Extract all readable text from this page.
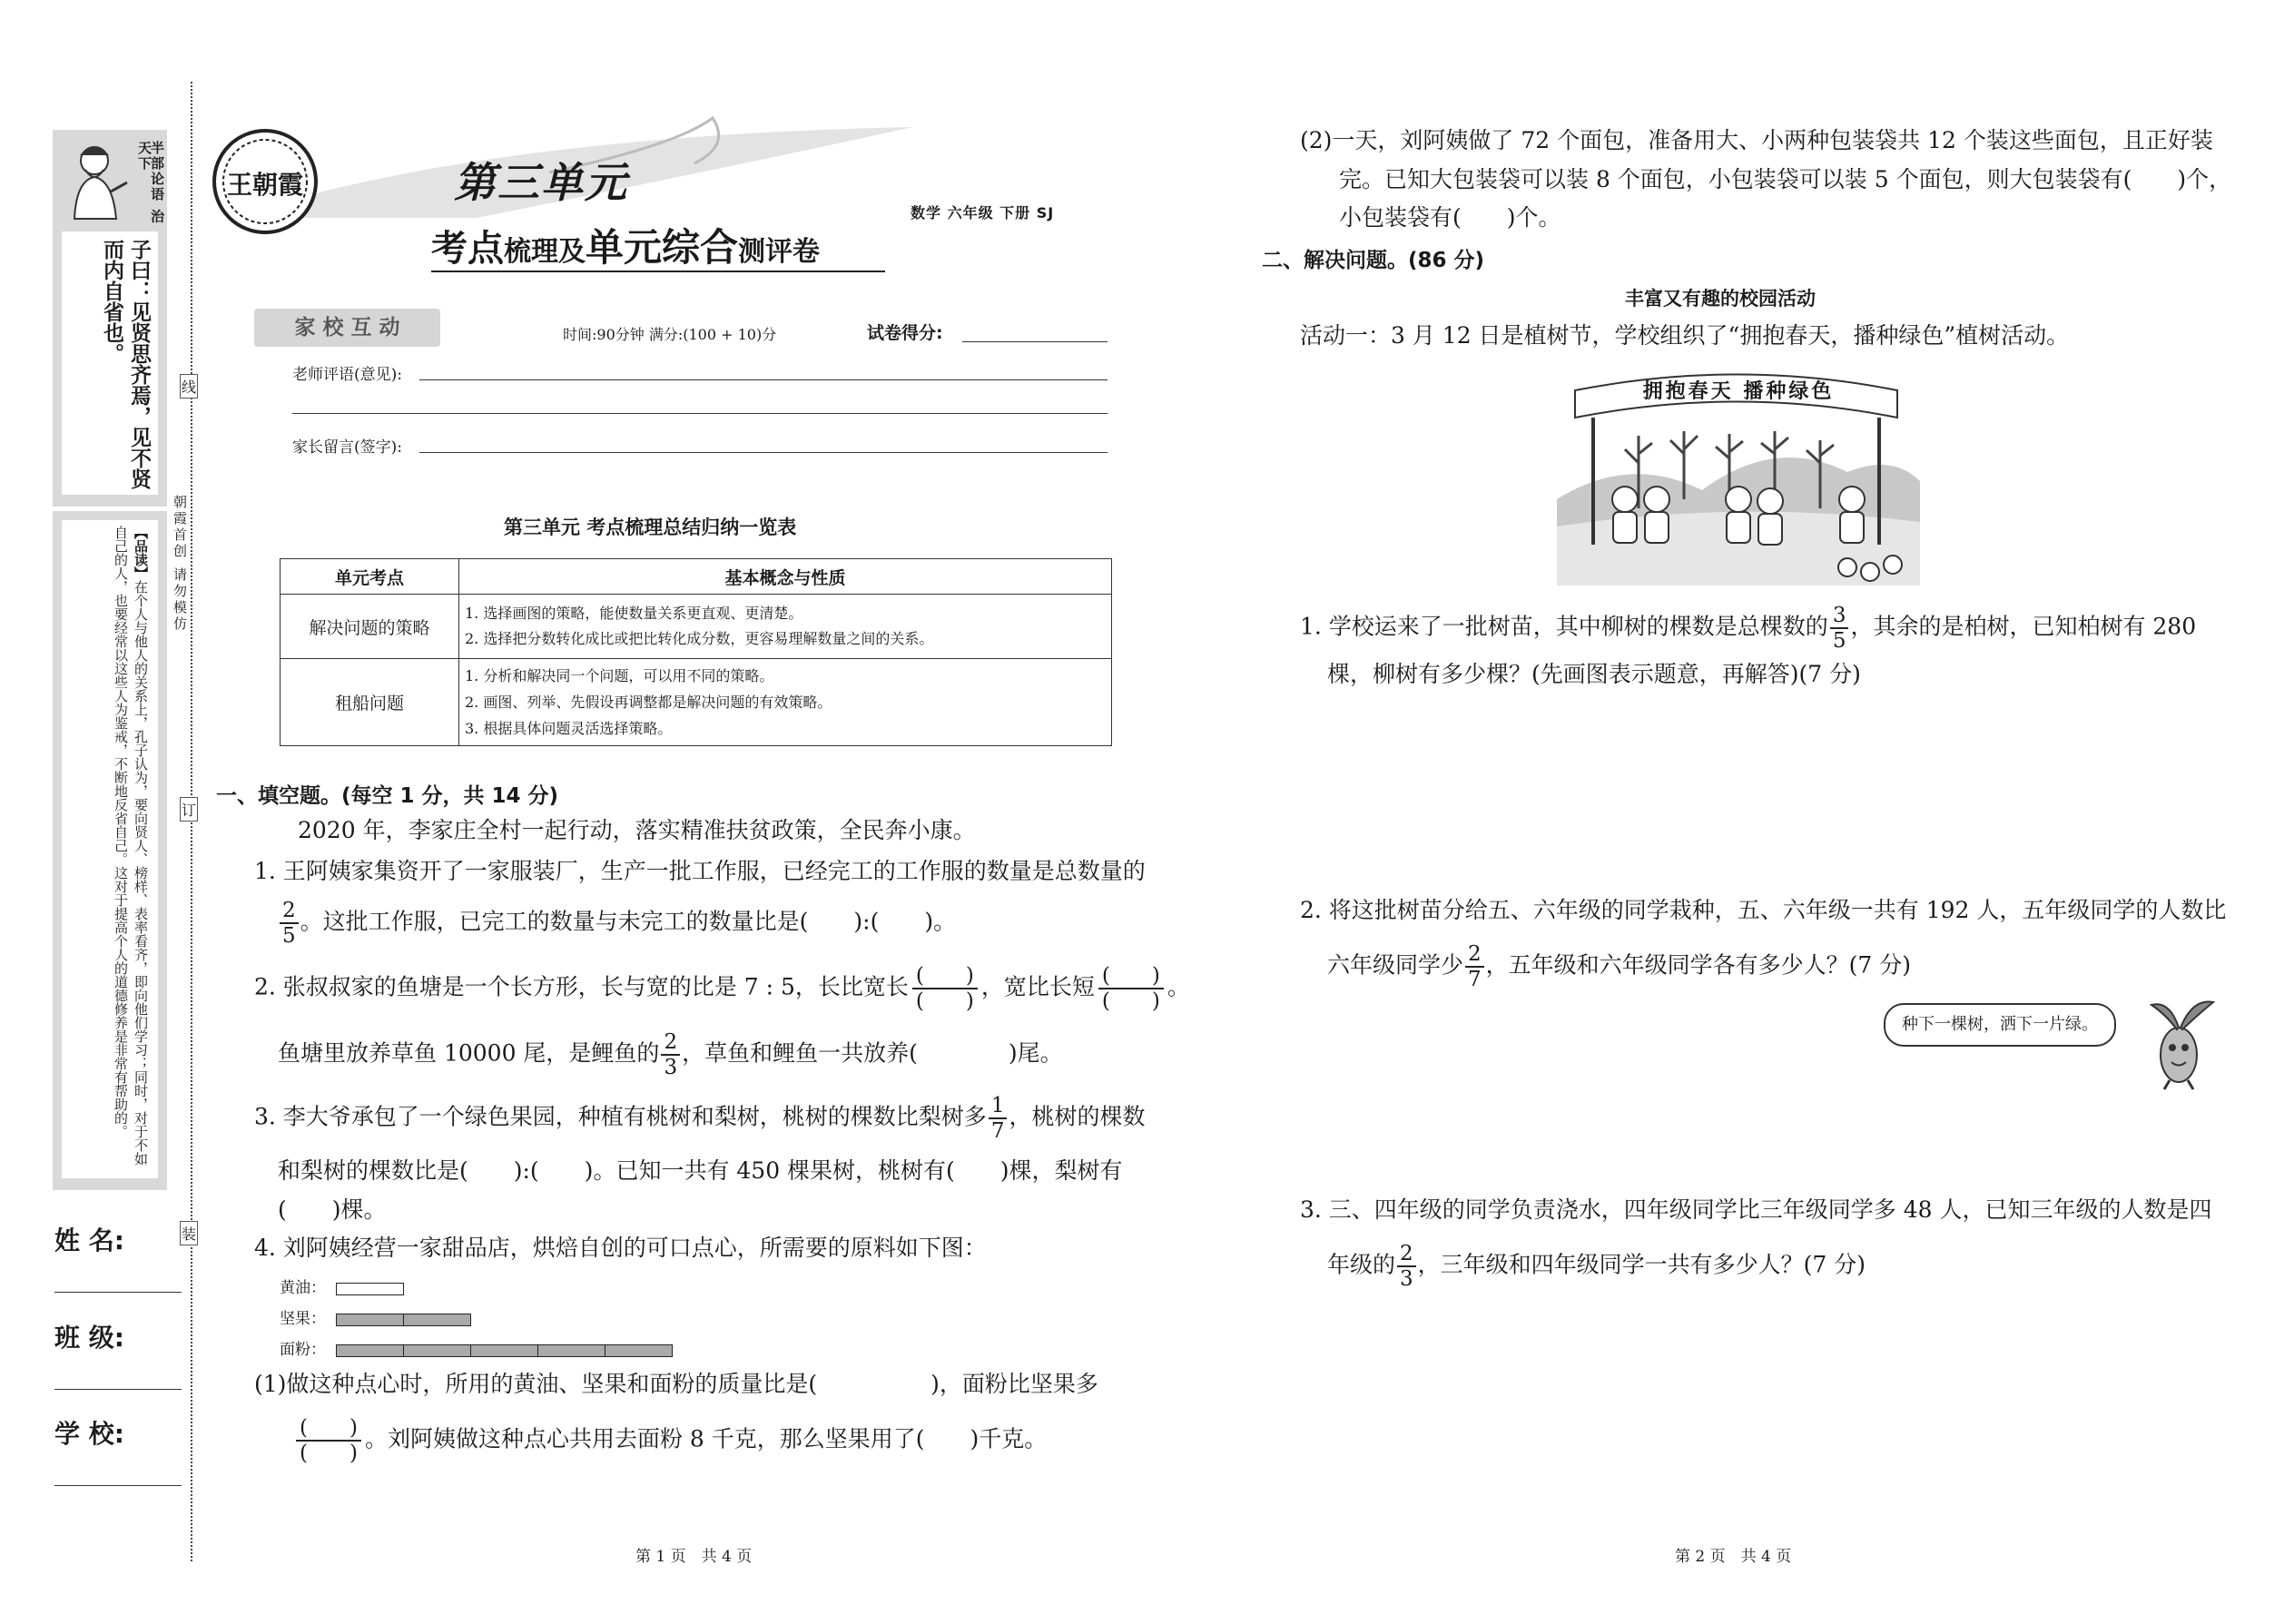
半部论语 治天下
子曰：见贤思齐焉，见不贤而内自省也。
【品读】在个人与他人的关系上，孔子认为，要向贤人、榜样、表率看齐，即向他们学习；同时，对于不如自己的人，也要经常以这些人为鉴戒，不断地反省自己。这对于提高个人的道德修养是非常有帮助的。	朝霞首创 请勿模仿
线
订
装
姓 名:
班 级:
学 校:
王朝霞	第三单元
考点梳理及单元综合测评卷
数学 六年级 下册 SJ
家 校 互 动	时间:90分钟 满分:(100 + 10)分	试卷得分:
老师评语(意见):
家长留言(签字):
第三单元 考点梳理总结归纳一览表
单元考点	基本概念与性质
解决问题的策略	1. 选择画图的策略，能使数量关系更直观、更清楚。
2. 选择把分数转化成比或把比转化成分数，更容易理解数量之间的关系。

租船问题	1. 分析和解决同一个问题，可以用不同的策略。
2. 画图、列举、先假设再调整都是解决问题的有效策略。
3. 根据具体问题灵活选择策略。
一、填空题。(每空 1 分，共 14 分)
2020 年，李家庄全村一起行动，落实精准扶贫政策，全民奔小康。
1. 王阿姨家集资开了一家服装厂，生产一批工作服，已经完工的工作服的数量是总数量的
$\frac{2}{5}$ 。这批工作服，已完工的数量与未完工的数量比是(　　):(　　)。
2. 张叔叔家的鱼塘是一个长方形，长与宽的比是 7 : 5，长比宽长 (　　)
(　　)
，宽比长短 (　　)
(　　)
。
鱼塘里放养草鱼 10000 尾，是鲤鱼的 $\frac{2}{3}$ ，草鱼和鲤鱼一共放养(　　　　)尾。
3. 李大爷承包了一个绿色果园，种植有桃树和梨树，桃树的棵数比梨树多 $\frac{1}{7}$ ，桃树的棵数
和梨树的棵数比是(　　):(　　)。已知一共有 450 棵果树，桃树有(　　)棵，梨树有
(　　)棵。
4. 刘阿姨经营一家甜品店，烘焙自创的可口点心，所需要的原料如下图：
黄油：
坚果：
面粉：
(1)做这种点心时，所用的黄油、坚果和面粉的质量比是(　　　　　)，面粉比坚果多
(　　)
(　　)
。刘阿姨做这种点心共用去面粉 8 千克，那么坚果用了(　　)千克。
第 1 页　共 4 页
(2)一天，刘阿姨做了 72 个面包，准备用大、小两种包装袋共 12 个装这些面包，且正好装
完。已知大包装袋可以装 8 个面包，小包装袋可以装 5 个面包，则大包装袋有(　　)个，
小包装袋有(　　)个。
二、解决问题。(86 分)
丰富又有趣的校园活动
活动一：3 月 12 日是植树节，学校组织了“拥抱春天，播种绿色”植树活动。
拥抱春天 播种绿色
1. 学校运来了一批树苗，其中柳树的棵数是总棵数的 $\frac{3}{5}$ ，其余的是柏树，已知柏树有 280
棵，柳树有多少棵？(先画图表示题意，再解答)(7 分)
2. 将这批树苗分给五、六年级的同学栽种，五、六年级一共有 192 人，五年级同学的人数比
六年级同学少 $\frac{2}{7}$ ，五年级和六年级同学各有多少人？(7 分)
种下一棵树，洒下一片绿。
3. 三、四年级的同学负责浇水，四年级同学比三年级同学多 48 人，已知三年级的人数是四
年级的 $\frac{2}{3}$ ，三年级和四年级同学一共有多少人？(7 分)
第 2 页　共 4 页
